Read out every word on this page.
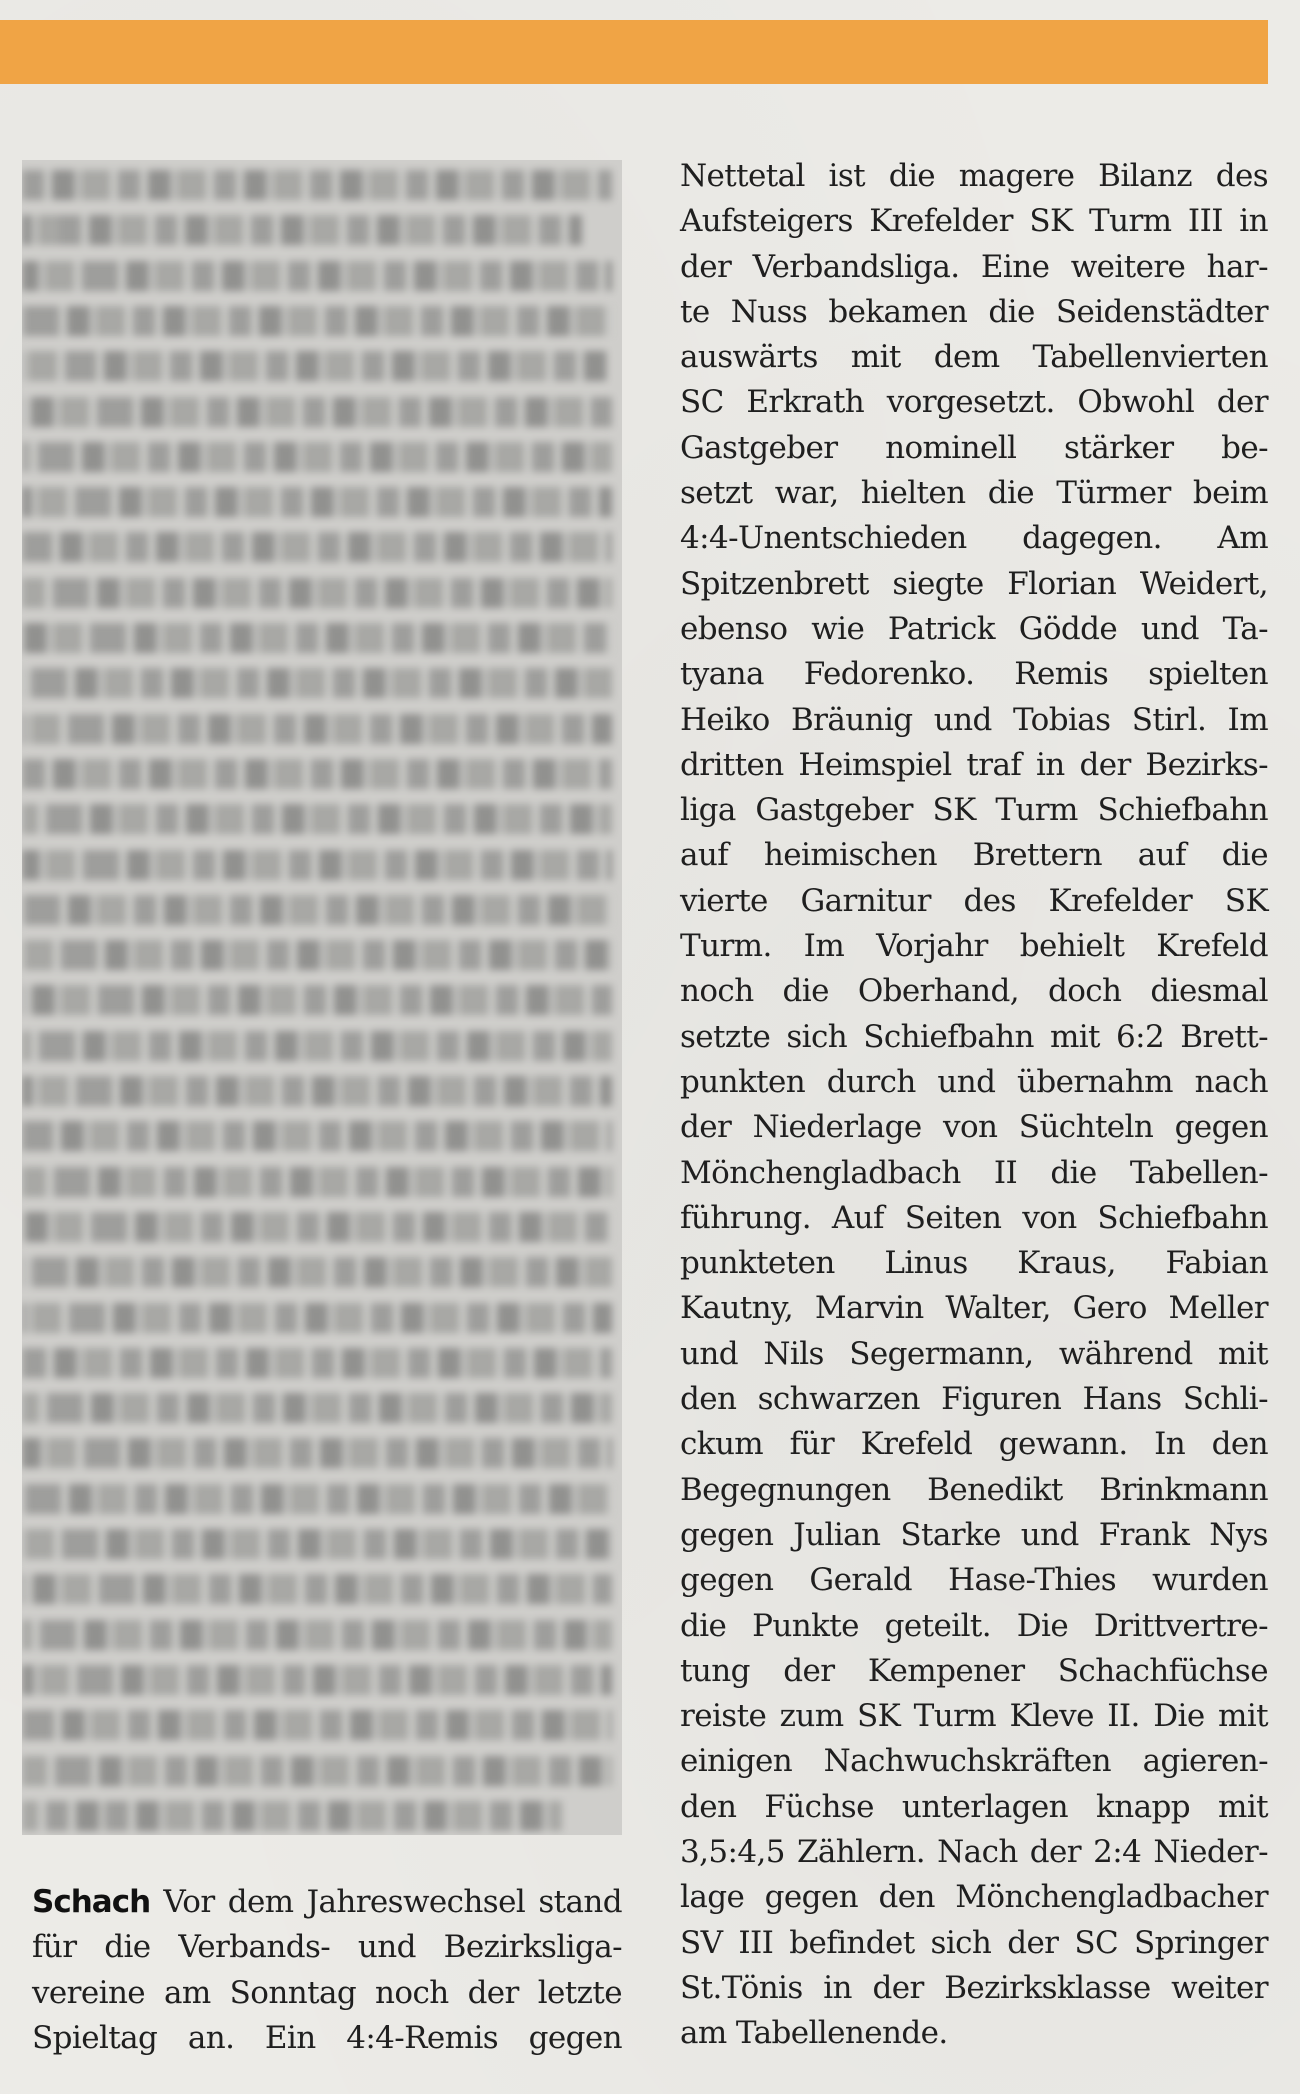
Schach Vor dem Jahreswechsel stand
für die Verbands- und Bezirksliga-
vereine am Sonntag noch der letzte
Spieltag an. Ein 4:4-Remis gegen
Nettetal ist die magere Bilanz des
Aufsteigers Krefelder SK Turm III in
der Verbandsliga. Eine weitere har-
te Nuss bekamen die Seidenstädter
auswärts mit dem Tabellenvierten
SC Erkrath vorgesetzt. Obwohl der
Gastgeber nominell stärker be-
setzt war, hielten die Türmer beim
4:4-Unentschieden dagegen. Am
Spitzenbrett siegte Florian Weidert,
ebenso wie Patrick Gödde und Ta-
tyana Fedorenko. Remis spielten
Heiko Bräunig und Tobias Stirl. Im
dritten Heimspiel traf in der Bezirks-
liga Gastgeber SK Turm Schiefbahn
auf heimischen Brettern auf die
vierte Garnitur des Krefelder SK
Turm. Im Vorjahr behielt Krefeld
noch die Oberhand, doch diesmal
setzte sich Schiefbahn mit 6:2 Brett-
punkten durch und übernahm nach
der Niederlage von Süchteln gegen
Mönchengladbach II die Tabellen-
führung. Auf Seiten von Schiefbahn
punkteten Linus Kraus, Fabian
Kautny, Marvin Walter, Gero Meller
und Nils Segermann, während mit
den schwarzen Figuren Hans Schli-
ckum für Krefeld gewann. In den
Begegnungen Benedikt Brinkmann
gegen Julian Starke und Frank Nys
gegen Gerald Hase-Thies wurden
die Punkte geteilt. Die Drittvertre-
tung der Kempener Schachfüchse
reiste zum SK Turm Kleve II. Die mit
einigen Nachwuchskräften agieren-
den Füchse unterlagen knapp mit
3,5:4,5 Zählern. Nach der 2:4 Nieder-
lage gegen den Mönchengladbacher
SV III befindet sich der SC Springer
St.Tönis in der Bezirksklasse weiter
am Tabellenende.
